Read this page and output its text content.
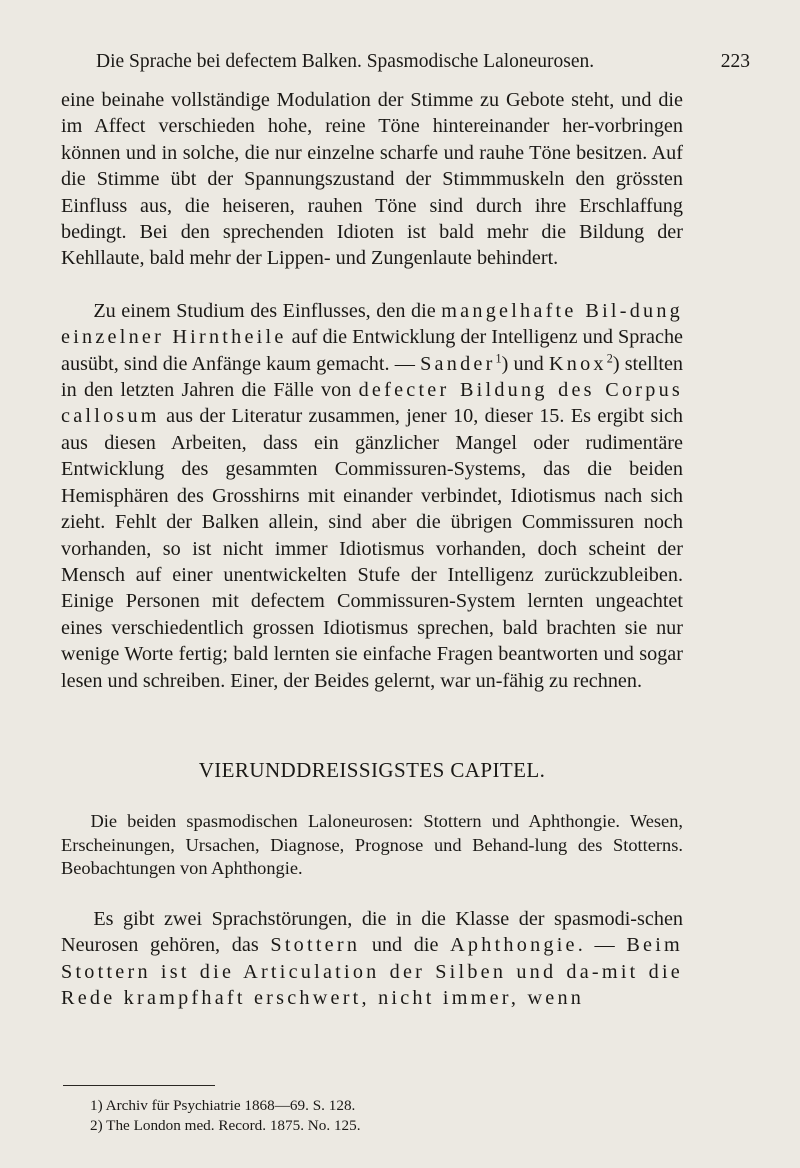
Die Sprache bei defectem Balken. Spasmodische Laloneurosen.	223

eine beinahe vollständige Modulation der Stimme zu Gebote steht, und die im Affect verschieden hohe, reine Töne hintereinander her-vorbringen können und in solche, die nur einzelne scharfe und rauhe Töne besitzen. Auf die Stimme übt der Spannungszustand der Stimmmuskeln den grössten Einfluss aus, die heiseren, rauhen Töne sind durch ihre Erschlaffung bedingt. Bei den sprechenden Idioten ist bald mehr die Bildung der Kehllaute, bald mehr der Lippen- und Zungenlaute behindert.

Zu einem Studium des Einflusses, den die mangelhafte Bil-dung einzelner Hirntheile auf die Entwicklung der Intelligenz und Sprache ausübt, sind die Anfänge kaum gemacht. — Sander$^1$) und Knox$^2$) stellten in den letzten Jahren die Fälle von defecter Bildung des Corpus callosum aus der Literatur zusammen, jener 10, dieser 15. Es ergibt sich aus diesen Arbeiten, dass ein gänzlicher Mangel oder rudimentäre Entwicklung des gesammten Commissuren-Systems, das die beiden Hemisphären des Grosshirns mit einander verbindet, Idiotismus nach sich zieht. Fehlt der Balken allein, sind aber die übrigen Commissuren noch vorhanden, so ist nicht immer Idiotismus vorhanden, doch scheint der Mensch auf einer unentwickelten Stufe der Intelligenz zurückzubleiben. Einige Personen mit defectem Commissuren-System lernten ungeachtet eines verschiedentlich grossen Idiotismus sprechen, bald brachten sie nur wenige Worte fertig; bald lernten sie einfache Fragen beantworten und sogar lesen und schreiben. Einer, der Beides gelernt, war un-fähig zu rechnen.

VIERUNDDREISSIGSTES CAPITEL.
Die beiden spasmodischen Laloneurosen: Stottern und Aphthongie. Wesen, Erscheinungen, Ursachen, Diagnose, Prognose und Behand-lung des Stotterns. Beobachtungen von Aphthongie.

Es gibt zwei Sprachstörungen, die in die Klasse der spasmodi-schen Neurosen gehören, das Stottern und die Aphthongie. — Beim Stottern ist die Articulation der Silben und da-mit die Rede krampfhaft erschwert, nicht immer, wenn

1) Archiv für Psychiatrie 1868—69. S. 128.
2) The London med. Record. 1875. No. 125.
